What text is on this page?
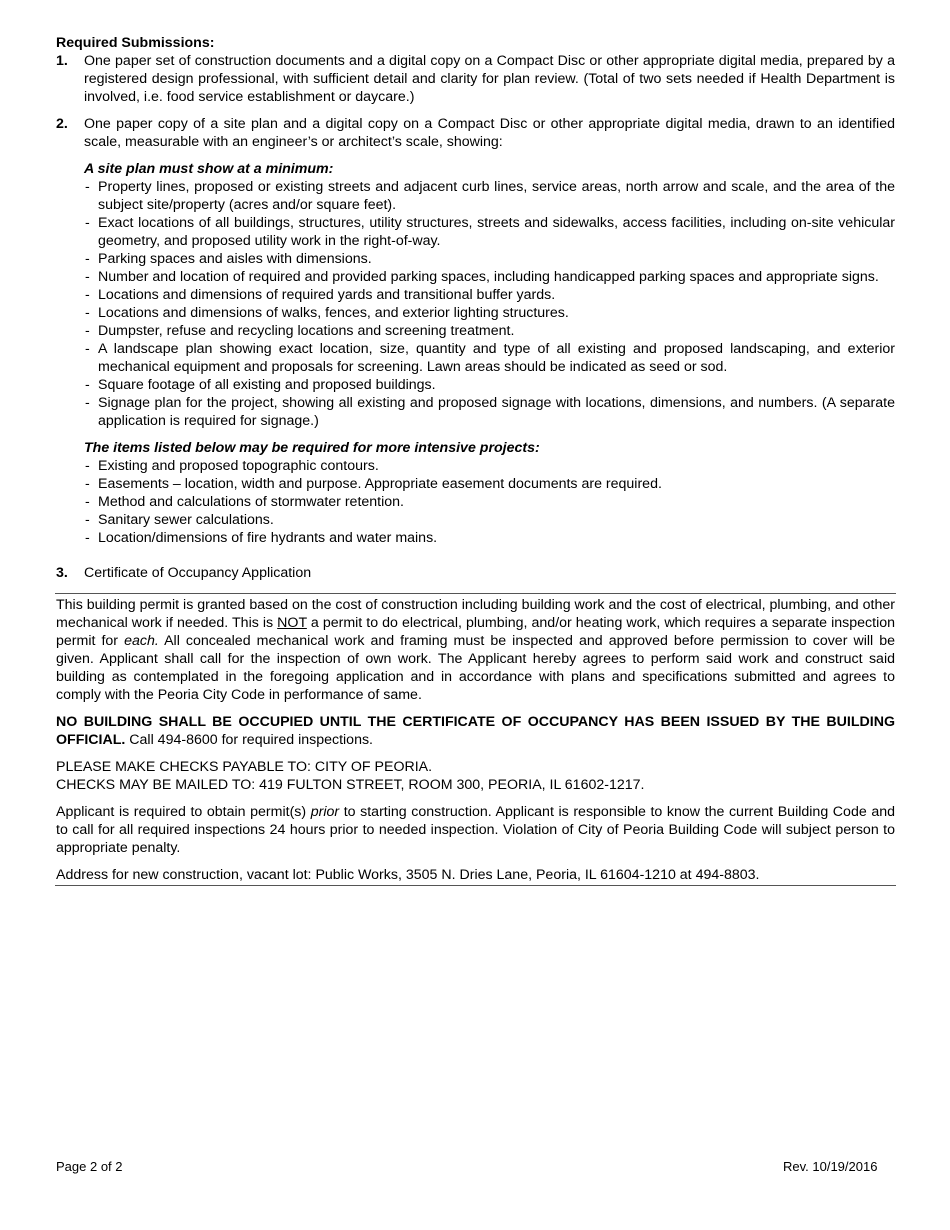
Required Submissions:

1. One paper set of construction documents and a digital copy on a Compact Disc or other appropriate digital media, prepared by a registered design professional, with sufficient detail and clarity for plan review. (Total of two sets needed if Health Department is involved, i.e. food service establishment or daycare.)

2. One paper copy of a site plan and a digital copy on a Compact Disc or other appropriate digital media, drawn to an identified scale, measurable with an engineer’s or architect’s scale, showing:

A site plan must show at a minimum:

- Property lines, proposed or existing streets and adjacent curb lines, service areas, north arrow and scale, and the area of the subject site/property (acres and/or square feet).
- Exact locations of all buildings, structures, utility structures, streets and sidewalks, access facilities, including on-site vehicular geometry, and proposed utility work in the right-of-way.
- Parking spaces and aisles with dimensions.
- Number and location of required and provided parking spaces, including handicapped parking spaces and appropriate signs.
- Locations and dimensions of required yards and transitional buffer yards.
- Locations and dimensions of walks, fences, and exterior lighting structures.
- Dumpster, refuse and recycling locations and screening treatment.
- A landscape plan showing exact location, size, quantity and type of all existing and proposed landscaping, and exterior mechanical equipment and proposals for screening. Lawn areas should be indicated as seed or sod.
- Square footage of all existing and proposed buildings.
- Signage plan for the project, showing all existing and proposed signage with locations, dimensions, and numbers. (A separate application is required for signage.)

The items listed below may be required for more intensive projects:

- Existing and proposed topographic contours.
- Easements – location, width and purpose. Appropriate easement documents are required.
- Method and calculations of stormwater retention.
- Sanitary sewer calculations.
- Location/dimensions of fire hydrants and water mains.
3. Certificate of Occupancy Application

This building permit is granted based on the cost of construction including building work and the cost of electrical, plumbing, and other mechanical work if needed. This is NOT a permit to do electrical, plumbing, and/or heating work, which requires a separate inspection permit for each. All concealed mechanical work and framing must be inspected and approved before permission to cover will be given. Applicant shall call for the inspection of own work. The Applicant hereby agrees to perform said work and construct said building as contemplated in the foregoing application and in accordance with plans and specifications submitted and agrees to comply with the Peoria City Code in performance of same.

NO BUILDING SHALL BE OCCUPIED UNTIL THE CERTIFICATE OF OCCUPANCY HAS BEEN ISSUED BY THE BUILDING OFFICIAL. Call 494-8600 for required inspections.

PLEASE MAKE CHECKS PAYABLE TO: CITY OF PEORIA.
CHECKS MAY BE MAILED TO: 419 FULTON STREET, ROOM 300, PEORIA, IL 61602-1217.

Applicant is required to obtain permit(s) prior to starting construction. Applicant is responsible to know the current Building Code and to call for all required inspections 24 hours prior to needed inspection. Violation of City of Peoria Building Code will subject person to appropriate penalty.

Address for new construction, vacant lot: Public Works, 3505 N. Dries Lane, Peoria, IL 61604-1210 at 494-8803.

Page 2 of 2	Rev. 10/19/2016
